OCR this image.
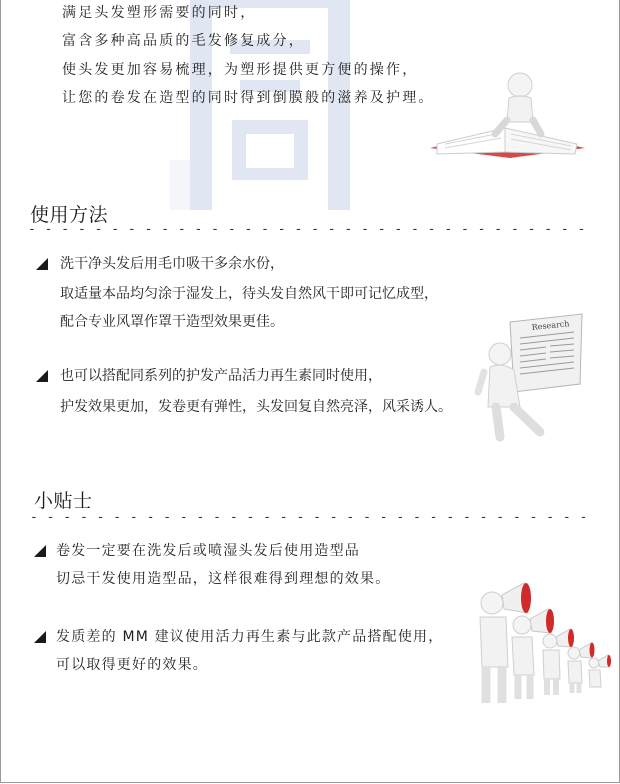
满足头发塑形需要的同时，
富含多种高品质的毛发修复成分，
使头发更加容易梳理，为塑形提供更方便的操作，
让您的卷发在造型的同时得到倒膜般的滋养及护理。
使用方法
- - - - - - - - - - - - - - - - - - - - - - - - - - - - - - - - - -
洗干净头发后用毛巾吸干多余水份，
取适量本品均匀涂于湿发上，待头发自然风干即可记忆成型，
配合专业风罩作罩干造型效果更佳。
也可以搭配同系列的护发产品活力再生素同时使用，
护发效果更加，发卷更有弹性，头发回复自然亮泽，风采诱人。
Research
小贴士
- - - - - - - - - - - - - - - - - - - - - - - - - - - - - - - - - -
卷发一定要在洗发后或喷湿头发后使用造型品
切忌干发使用造型品，这样很难得到理想的效果。
发质差的 MM 建议使用活力再生素与此款产品搭配使用，
可以取得更好的效果。
